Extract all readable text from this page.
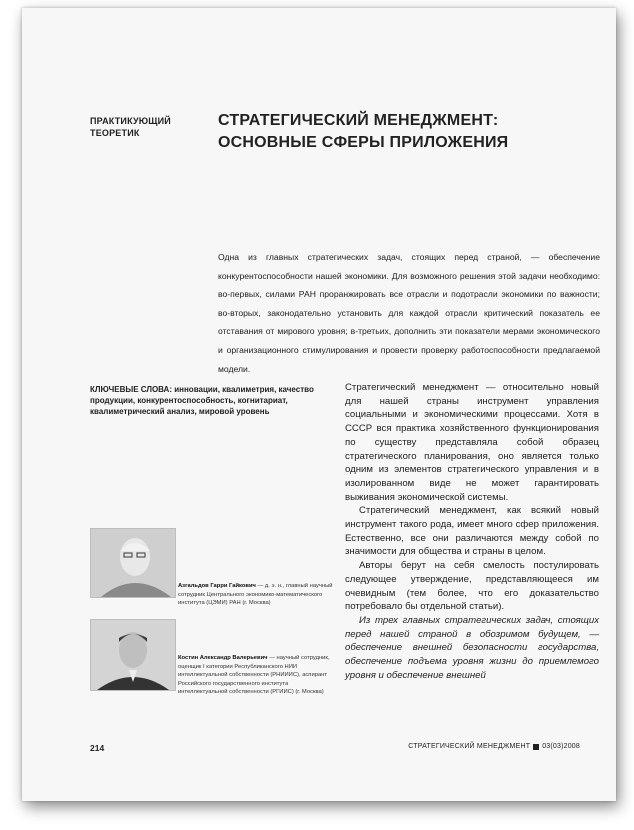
ПРАКТИКУЮЩИЙ
ТЕОРЕТИК
СТРАТЕГИЧЕСКИЙ МЕНЕДЖМЕНТ:
ОСНОВНЫЕ СФЕРЫ ПРИЛОЖЕНИЯ

Одна из главных стратегических задач, стоящих перед страной, — обеспечение конкурентоспособности нашей экономики. Для возможного решения этой задачи необходимо: во-первых, силами РАН проранжировать все отрасли и подотрасли экономики по важности; во-вторых, законодательно установить для каждой отрасли критический показатель ее отставания от мирового уровня; в-третьих, дополнить эти показатели мерами экономического и организационного стимулирования и провести проверку работоспособности предлагаемой модели.

КЛЮЧЕВЫЕ СЛОВА: инновации, квалиметрия, качество продукции, конкурентоспособность, когнитариат, квалиметрический анализ, мировой уровень

Стратегический менеджмент — относительно новый для нашей страны инструмент управления социальными и экономическими процессами. Хотя в СССР вся практика хозяйственного функционирования по существу представляла собой образец стратегического планирования, оно является только одним из элементов стратегического управления и в изолированном виде не может гарантировать выживания экономической системы.

Стратегический менеджмент, как всякий новый инструмент такого рода, имеет много сфер приложения. Естественно, все они различаются между собой по значимости для общества и страны в целом.

Авторы берут на себя смелость постулировать следующее утверждение, представляющееся им очевидным (тем более, что его доказательство потребовало бы отдельной статьи).

Из трех главных стратегических задач, стоящих перед нашей страной в обозримом будущем, — обеспечение внешней безопасности государства, обеспечение подъема уровня жизни до приемлемого уровня и обеспечение внешней

Азгальдов Гарри Гайкович — д. э. н., главный научный сотрудник Центрального экономико-математического института (ЦЭМИ) РАН (г. Москва)
Костин Александр Валерьевич — научный сотрудник, оценщик I категории Республиканского НИИ интеллектуальной собственности (РНИИИС), аспирант Российского государственного института интеллектуальной собственности (РГИИС) (г. Москва)
214	СТРАТЕГИЧЕСКИЙ МЕНЕДЖМЕНТ 03(03)2008
